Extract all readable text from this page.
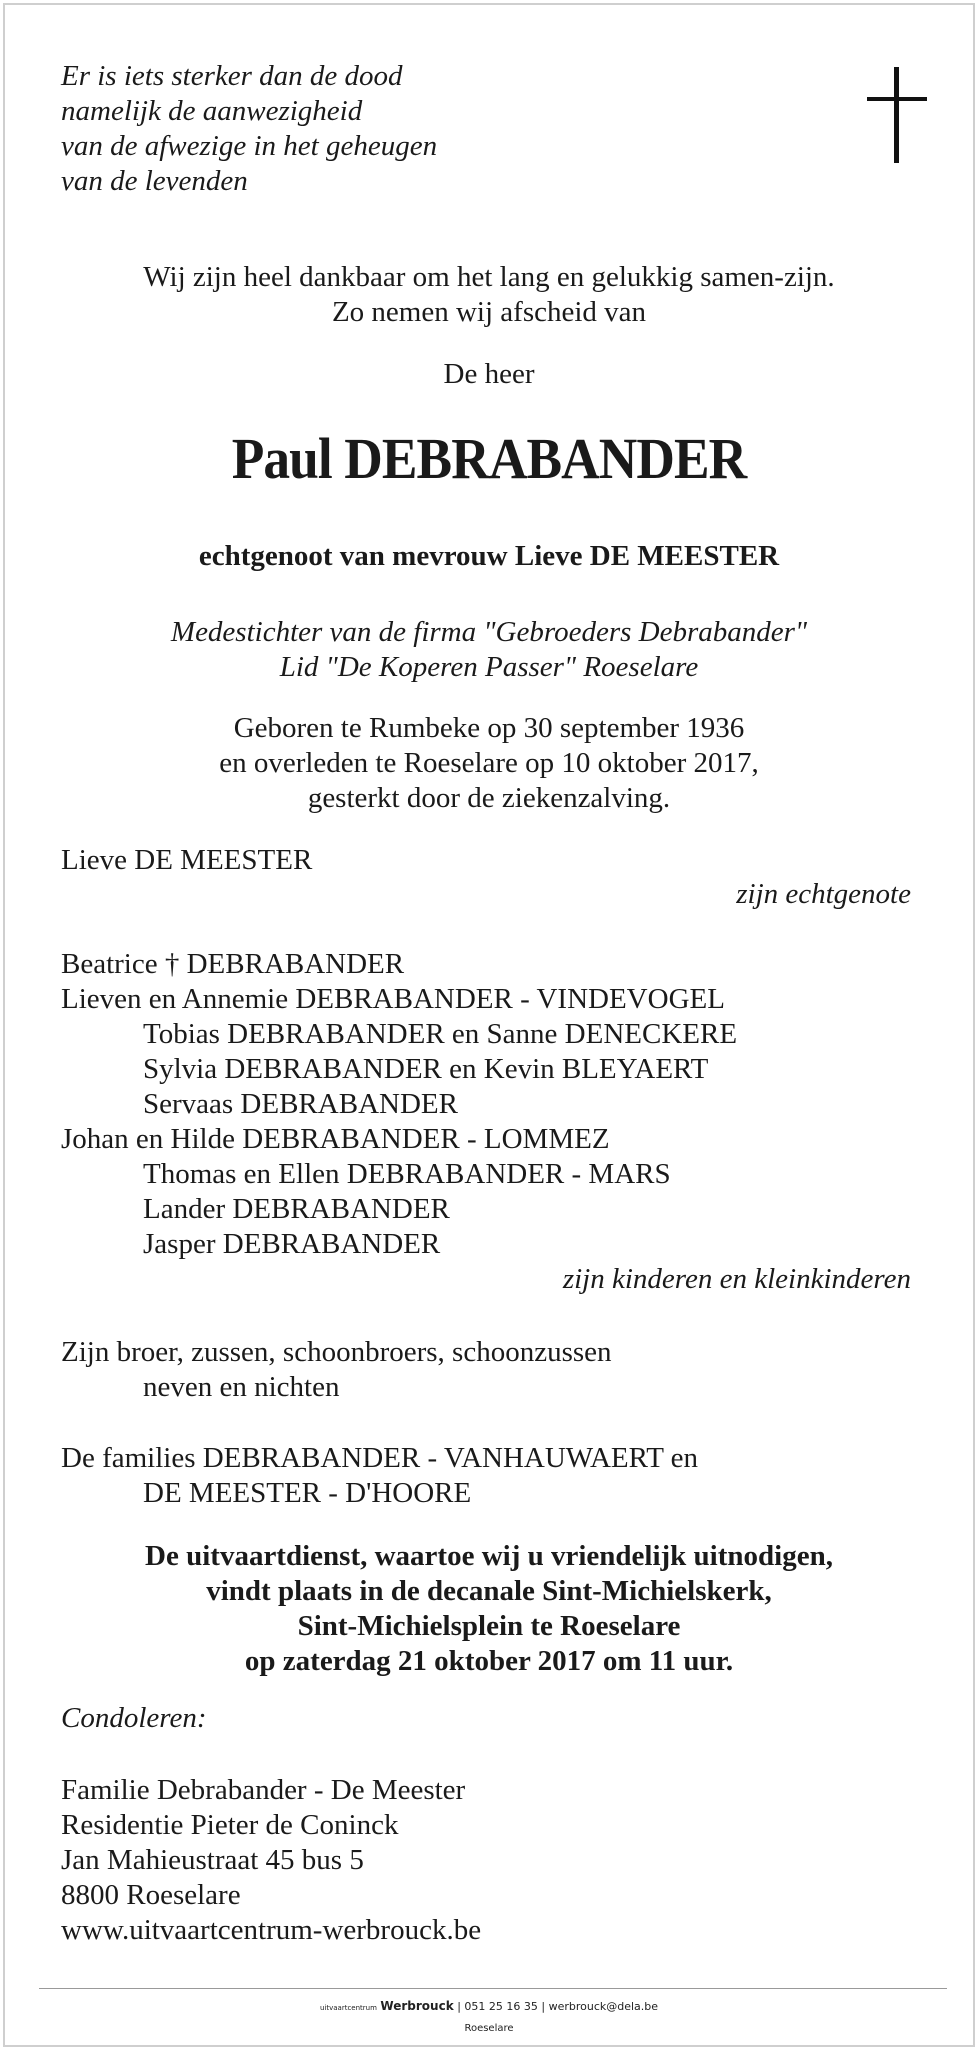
Er is iets sterker dan de dood
namelijk de aanwezigheid
van de afwezige in het geheugen
van de levenden
Wij zijn heel dankbaar om het lang en gelukkig samen-zijn.
Zo nemen wij afscheid van
De heer
Paul DEBRABANDER
echtgenoot van mevrouw Lieve DE MEESTER
Medestichter van de firma "Gebroeders Debrabander"
Lid "De Koperen Passer" Roeselare
Geboren te Rumbeke op 30 september 1936
en overleden te Roeselare op 10 oktober 2017,
gesterkt door de ziekenzalving.
Lieve DE MEESTER
zijn echtgenote
Beatrice † DEBRABANDER
Lieven en Annemie DEBRABANDER - VINDEVOGEL
Tobias DEBRABANDER en Sanne DENECKERE
Sylvia DEBRABANDER en Kevin BLEYAERT
Servaas DEBRABANDER
Johan en Hilde DEBRABANDER - LOMMEZ
Thomas en Ellen DEBRABANDER - MARS
Lander DEBRABANDER
Jasper DEBRABANDER
zijn kinderen en kleinkinderen
Zijn broer, zussen, schoonbroers, schoonzussen
neven en nichten
De families DEBRABANDER - VANHAUWAERT en
DE MEESTER - D'HOORE
De uitvaartdienst, waartoe wij u vriendelijk uitnodigen,
vindt plaats in de decanale Sint-Michielskerk,
Sint-Michielsplein te Roeselare
op zaterdag 21 oktober 2017 om 11 uur.
Condoleren:
Familie Debrabander - De Meester
Residentie Pieter de Coninck
Jan Mahieustraat 45 bus 5
8800 Roeselare
www.uitvaartcentrum-werbrouck.be
uitvaartcentrum Werbrouck | 051 25 16 35 | werbrouck@dela.be
Roeselare
